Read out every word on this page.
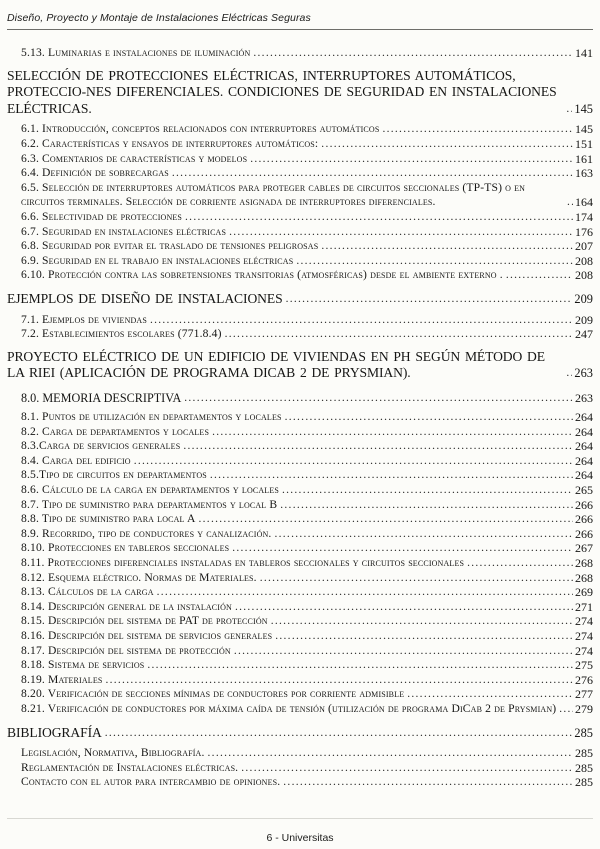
Diseño, Proyecto y Montaje de Instalaciones Eléctricas Seguras
5.13. Luminarias e instalaciones de iluminación .....	141
SELECCIÓN DE PROTECCIONES ELÉCTRICAS, INTERRUPTORES AUTOMÁTICOS, PROTECCIO-NES DIFERENCIALES. CONDICIONES DE SEGURIDAD EN INSTALACIONES ELÉCTRICAS. .....	145
6.1. Introducción, conceptos relacionados con interruptores automáticos .....	145
6.2. Características y ensayos de interruptores automáticos: .....	151
6.3. Comentarios de características y modelos .....	161
6.4. Definición de sobrecargas .....	163
6.5. Selección de interruptores automáticos para proteger cables de circuitos seccionales (TP-TS) o en circuitos terminales. Selección de corriente asignada de interruptores diferenciales. .....	164
6.6. Selectividad de protecciones .....	174
6.7. Seguridad en instalaciones eléctricas .....	176
6.8. Seguridad por evitar el traslado de tensiones peligrosas .....	207
6.9. Seguridad en el trabajo en instalaciones eléctricas .....	208
6.10. Protección contra las sobretensiones transitorias (atmosféricas) desde el ambiente externo . .....	208
EJEMPLOS DE DISEÑO DE INSTALACIONES .....	209
7.1. Ejemplos de viviendas .....	209
7.2. Establecimientos escolares (771.8.4) .....	247
PROYECTO ELÉCTRICO DE UN EDIFICIO DE VIVIENDAS EN PH SEGÚN MÉTODO DE LA RIEI (APLICACIÓN DE PROGRAMA DICAB 2 DE PRYSMIAN). .....	263
8.0. MEMORIA DESCRIPTIVA .....	263
8.1. Puntos de utilización en departamentos y locales .....	264
8.2. Carga de departamentos y locales .....	264
8.3.Carga de servicios generales .....	264
8.4. Carga del edificio .....	264
8.5.Tipo de circuitos en departamentos .....	264
8.6. Cálculo de la carga en departamentos y locales .....	265
8.7. Tipo de suministro para departamentos y local B .....	266
8.8. Tipo de suministro para local A .....	266
8.9. Recorrido, tipo de conductores y canalización. .....	266
8.10. Protecciones en tableros seccionales .....	267
8.11. Protecciones diferenciales instaladas en tableros seccionales y circuitos seccionales .....	268
8.12. Esquema eléctrico. Normas de Materiales. .....	268
8.13. Cálculos de la carga .....	269
8.14. Descripción general de la instalación .....	271
8.15. Descripción del sistema de PAT de protección .....	274
8.16. Descripción del sistema de servicios generales .....	274
8.17. Descripción del sistema de protección .....	274
8.18. Sistema de servicios .....	275
8.19. Materiales .....	276
8.20. Verificación de secciones mínimas de conductores por corriente admisible .....	277
8.21. Verificación de conductores por máxima caída de tensión (utilización de programa DiCab 2 de Prysmian) ..... 279
BIBLIOGRAFÍA .....	285
Legislación, Normativa, Bibliografía. .....	285
Reglamentación de Instalaciones eléctricas. .....	285
Contacto con el autor para intercambio de opiniones. .....	285
6 - Universitas
